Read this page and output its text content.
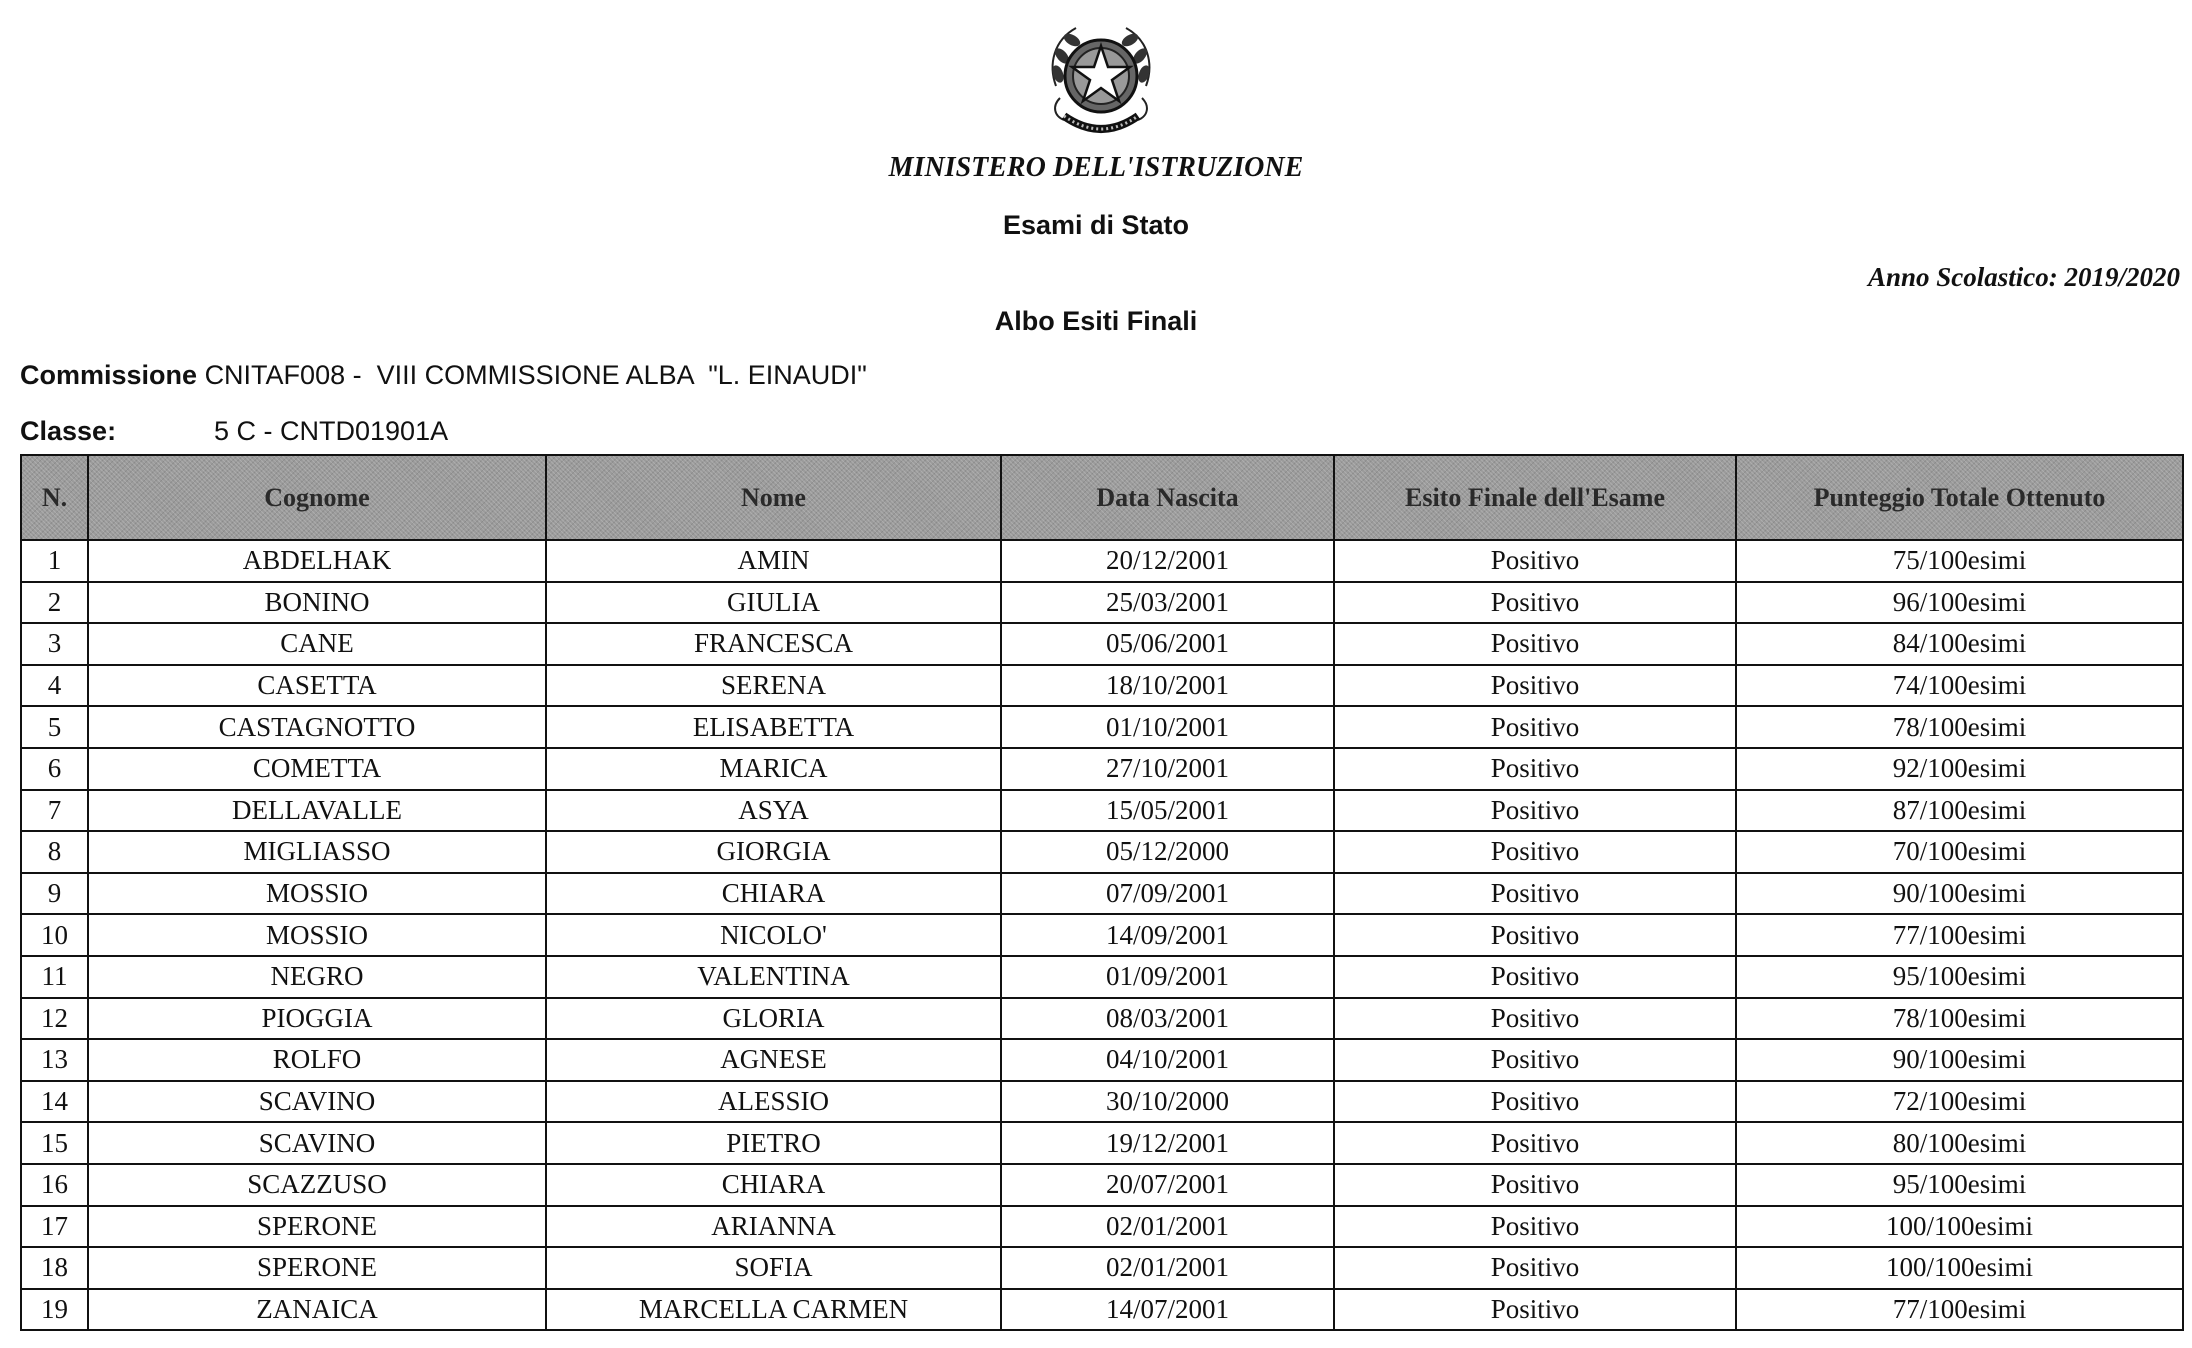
MINISTERO DELL'ISTRUZIONE
Esami di Stato
Anno Scolastico: 2019/2020
Albo Esiti Finali
Commissione CNITAF008 -  VIII COMMISSIONE ALBA  "L. EINAUDI"
Classe:	5 C - CNTD01901A
N.	Cognome	Nome	Data Nascita	Esito Finale dell'Esame	Punteggio Totale Ottenuto
1	ABDELHAK	AMIN	20/12/2001	Positivo	75/100esimi
2	BONINO	GIULIA	25/03/2001	Positivo	96/100esimi
3	CANE	FRANCESCA	05/06/2001	Positivo	84/100esimi
4	CASETTA	SERENA	18/10/2001	Positivo	74/100esimi
5	CASTAGNOTTO	ELISABETTA	01/10/2001	Positivo	78/100esimi
6	COMETTA	MARICA	27/10/2001	Positivo	92/100esimi
7	DELLAVALLE	ASYA	15/05/2001	Positivo	87/100esimi
8	MIGLIASSO	GIORGIA	05/12/2000	Positivo	70/100esimi
9	MOSSIO	CHIARA	07/09/2001	Positivo	90/100esimi
10	MOSSIO	NICOLO'	14/09/2001	Positivo	77/100esimi
11	NEGRO	VALENTINA	01/09/2001	Positivo	95/100esimi
12	PIOGGIA	GLORIA	08/03/2001	Positivo	78/100esimi
13	ROLFO	AGNESE	04/10/2001	Positivo	90/100esimi
14	SCAVINO	ALESSIO	30/10/2000	Positivo	72/100esimi
15	SCAVINO	PIETRO	19/12/2001	Positivo	80/100esimi
16	SCAZZUSO	CHIARA	20/07/2001	Positivo	95/100esimi
17	SPERONE	ARIANNA	02/01/2001	Positivo	100/100esimi
18	SPERONE	SOFIA	02/01/2001	Positivo	100/100esimi
19	ZANAICA	MARCELLA CARMEN	14/07/2001	Positivo	77/100esimi
